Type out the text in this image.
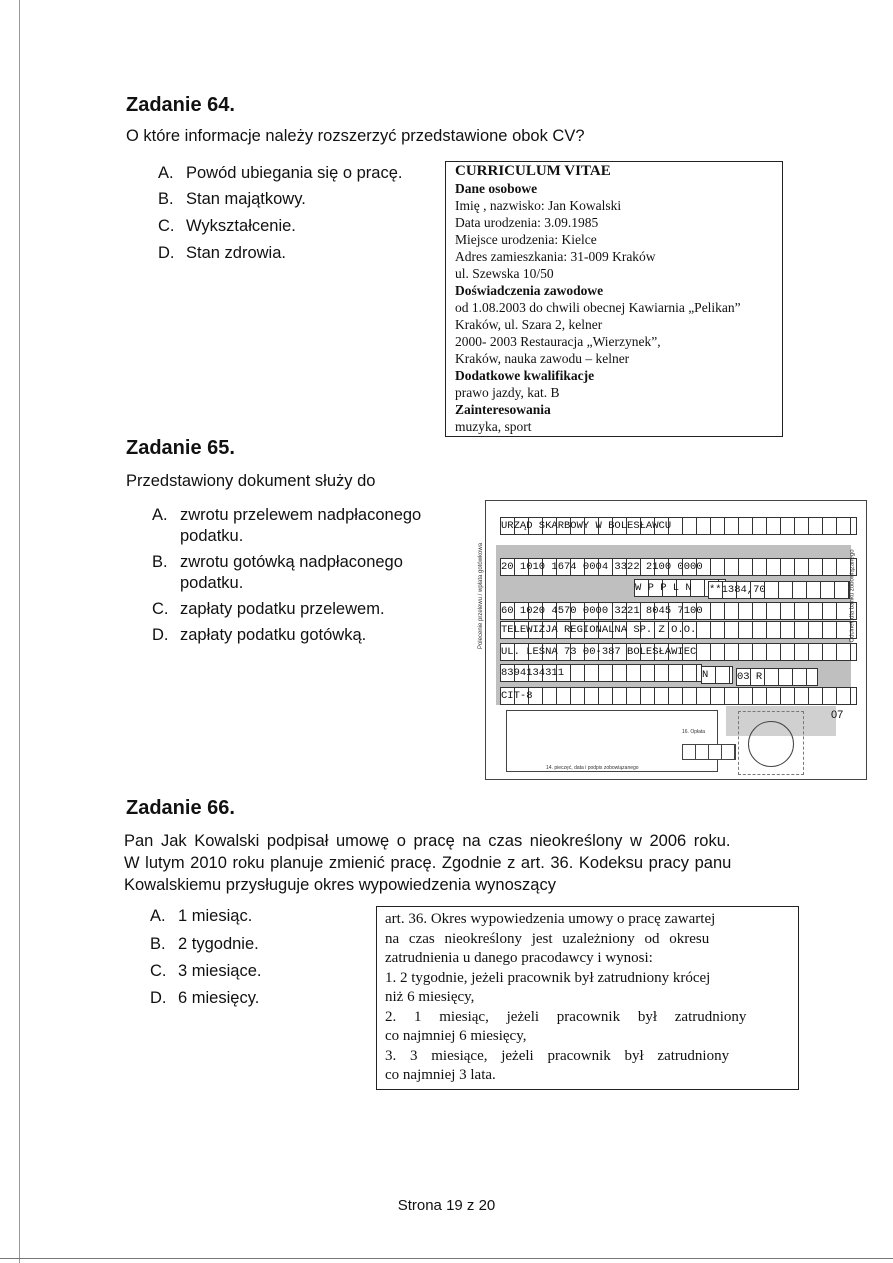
Zadanie 64.
O które informacje należy rozszerzyć przedstawione obok CV?
A. Powód ubiegania się o pracę.
B. Stan majątkowy.
C. Wykształcenie.
D. Stan zdrowia.
CURRICULUM VITAE
Dane osobowe
Imię , nazwisko: Jan Kowalski
Data urodzenia: 3.09.1985
Miejsce urodzenia: Kielce
Adres zamieszkania: 31-009 Kraków
ul. Szewska 10/50
Doświadczenia zawodowe
od 1.08.2003 do chwili obecnej Kawiarnia „Pelikan”
Kraków, ul. Szara 2, kelner
2000- 2003 Restauracja „Wierzynek”,
Kraków, nauka zawodu – kelner
Dodatkowe kwalifikacje
prawo jazdy, kat. B
Zainteresowania
muzyka, sport
Zadanie 65.
Przedstawiony dokument służy do
A. zwrotu przelewem nadpłaconego
podatku.
B. zwrotu gotówką nadpłaconego
podatku.
C. zapłaty podatku przelewem.
D. zapłaty podatku gotówką.
URZĄD SKARBOWY W BOLESŁAWCU
20 1010 1674 0004 3322 2100 0000
W P P L N	**1384,70
60 1020 4570 0000 3221 8045 7100
TELEWIZJA REGIONALNA SP. Z O.O.
UL. LEŚNA 73 00-387 BOLESŁAWIEC
8394134311	N	03 R
CIT-8
07
14. pieczęć, data i podpis zobowiązanego
16. Opłata
Polecenie przelewu / wpłata gotówkowa	Odcinek dla banku zobowiązanego
Zadanie 66.
Pan Jak Kowalski podpisał umowę o pracę na czas nieokreślony w 2006 roku.
W lutym 2010 roku planuje zmienić pracę. Zgodnie z art. 36. Kodeksu pracy panu
Kowalskiemu przysługuje okres wypowiedzenia wynoszący
A. 1 miesiąc.
B. 2 tygodnie.
C. 3 miesiące.
D. 6 miesięcy.
art. 36. Okres wypowiedzenia umowy o pracę zawartej
na czas nieokreślony jest uzależniony od okresu
zatrudnienia u danego pracodawcy i wynosi:
1. 2 tygodnie, jeżeli pracownik był zatrudniony krócej
niż 6 miesięcy,
2. 1 miesiąc, jeżeli pracownik był zatrudniony
co najmniej 6 miesięcy,
3. 3 miesiące, jeżeli pracownik był zatrudniony
co najmniej 3 lata.
Strona 19 z 20
